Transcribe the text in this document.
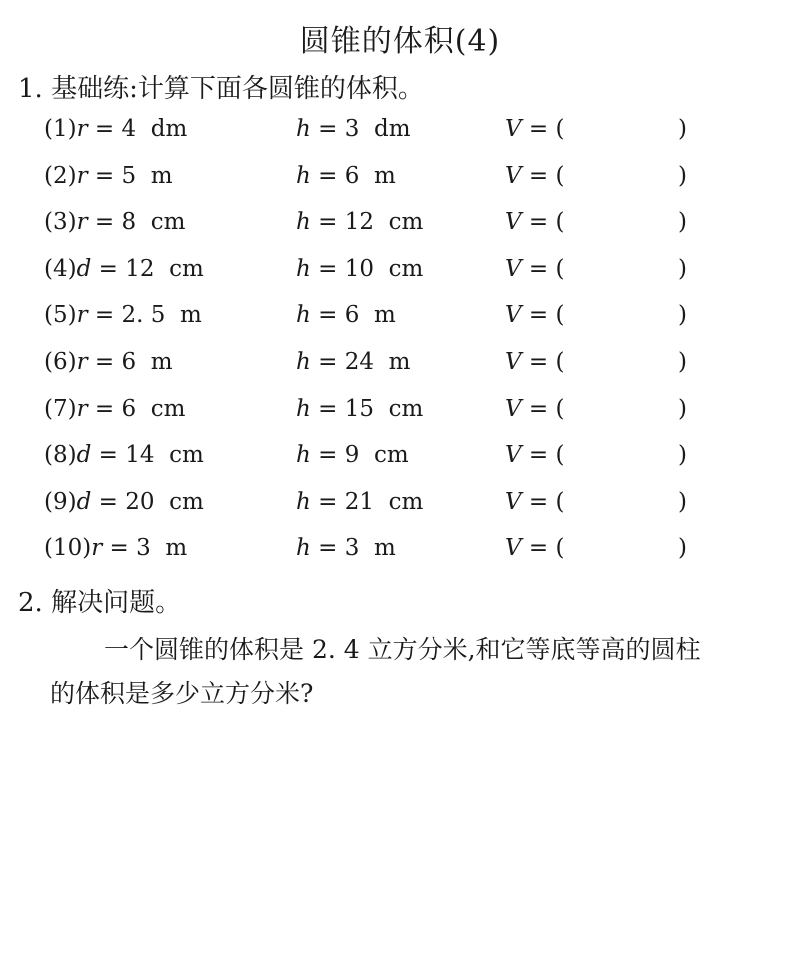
圆锥的体积(4)
1. 基础练:计算下面各圆锥的体积。
(1)r = 4  dm	h = 3  dm	V = (	)
(2)r = 5  m	h = 6  m	V = (	)
(3)r = 8  cm	h = 12  cm	V = (	)
(4)d = 12  cm	h = 10  cm	V = (	)
(5)r = 2. 5  m	h = 6  m	V = (	)
(6)r = 6  m	h = 24  m	V = (	)
(7)r = 6  cm	h = 15  cm	V = (	)
(8)d = 14  cm	h = 9  cm	V = (	)
(9)d = 20  cm	h = 21  cm	V = (	)
(10)r = 3  m	h = 3  m	V = (	)
2. 解决问题。
一个圆锥的体积是 2. 4 立方分米,和它等底等高的圆柱
的体积是多少立方分米?
